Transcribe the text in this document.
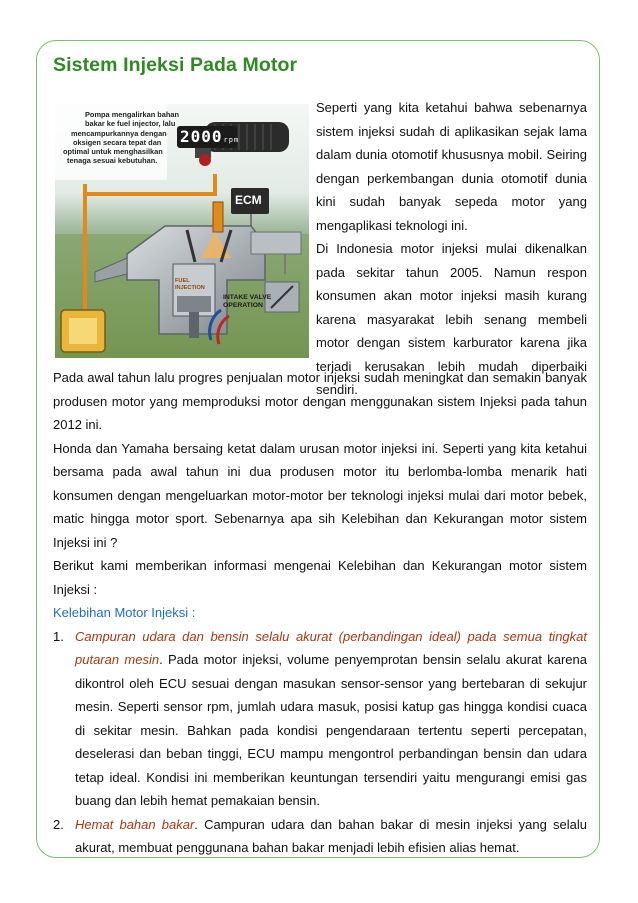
Sistem Injeksi Pada Motor
Pompa mengalirkan bahan
bakar ke fuel injector, lalu
mencampurkannya dengan
oksigen secara tepat dan
optimal untuk menghasilkan
tenaga sesuai kebutuhan.
2000rpm
ECM
INTAKE VALVE
OPERATION
FUEL
INJECTION

Seperti yang kita ketahui bahwa sebenarnya sistem injeksi sudah di aplikasikan sejak lama dalam dunia otomotif khususnya mobil. Seiring dengan perkembangan dunia otomotif dunia kini sudah banyak sepeda motor yang mengaplikasi teknologi ini.

Di Indonesia motor injeksi mulai dikenalkan pada sekitar tahun 2005. Namun respon konsumen akan motor injeksi masih kurang karena masyarakat lebih senang membeli motor dengan sistem karburator karena jika terjadi kerusakan lebih mudah diperbaiki sendiri.

Pada awal tahun lalu progres penjualan motor injeksi sudah meningkat dan semakin banyak produsen motor yang memproduksi motor dengan menggunakan sistem Injeksi pada tahun 2012 ini.

Honda dan Yamaha bersaing ketat dalam urusan motor injeksi ini. Seperti yang kita ketahui bersama pada awal tahun ini dua produsen motor itu berlomba-lomba menarik hati konsumen dengan mengeluarkan motor-motor ber teknologi injeksi mulai dari motor bebek, matic hingga motor sport. Sebenarnya apa sih Kelebihan dan Kekurangan motor sistem Injeksi ini ?

Berikut kami memberikan informasi mengenai Kelebihan dan Kekurangan motor sistem Injeksi :

Kelebihan Motor Injeksi :

1. Campuran udara dan bensin selalu akurat (perbandingan ideal) pada semua tingkat putaran mesin. Pada motor injeksi, volume penyemprotan bensin selalu akurat karena dikontrol oleh ECU sesuai dengan masukan sensor-sensor yang bertebaran di sekujur mesin. Seperti sensor rpm, jumlah udara masuk, posisi katup gas hingga kondisi cuaca di sekitar mesin. Bahkan pada kondisi pengendaraan tertentu seperti percepatan, deselerasi dan beban tinggi, ECU mampu mengontrol perbandingan bensin dan udara tetap ideal. Kondisi ini memberikan keuntungan tersendiri yaitu mengurangi emisi gas buang dan lebih hemat pemakaian bensin.
2. Hemat bahan bakar. Campuran udara dan bahan bakar di mesin injeksi yang selalu akurat, membuat penggunana bahan bakar menjadi lebih efisien alias hemat.
